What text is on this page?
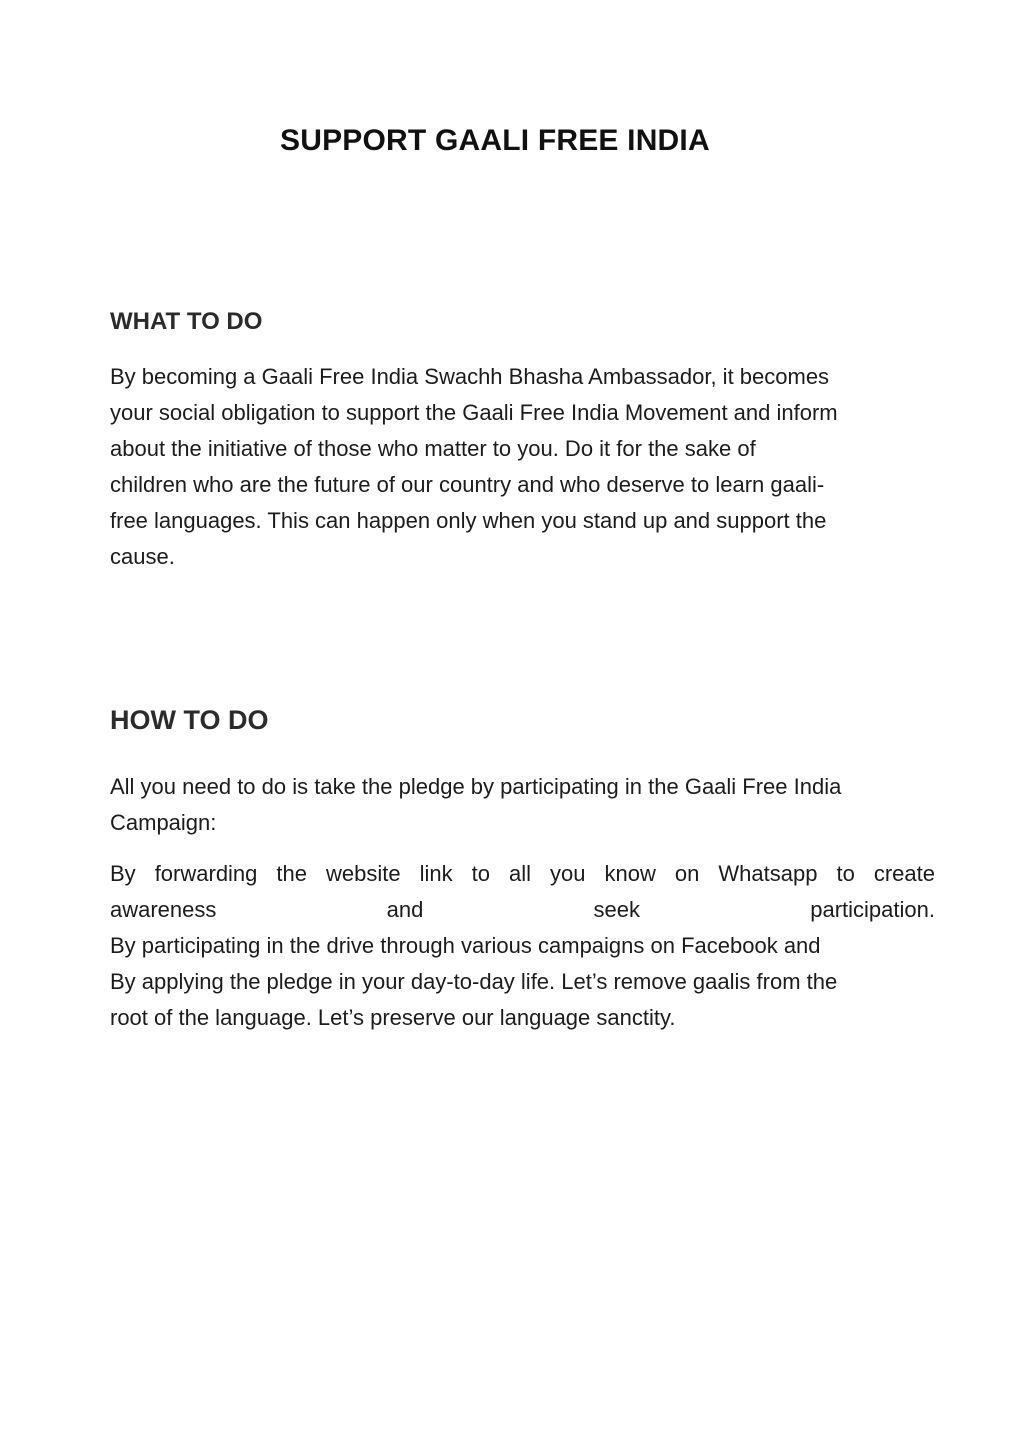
SUPPORT GAALI FREE INDIA
WHAT TO DO

By becoming a Gaali Free India Swachh Bhasha Ambassador, it becomes
your social obligation to support the Gaali Free India Movement and inform
about the initiative of those who matter to you. Do it for the sake of
children who are the future of our country and who deserve to learn gaali-
free languages. This can happen only when you stand up and support the
cause.

HOW TO DO

All you need to do is take the pledge by participating in the Gaali Free India
Campaign:

By forwarding the website link to all you know on Whatsapp to create
awareness and seek participation.
By participating in the drive through various campaigns on Facebook and
By applying the pledge in your day-to-day life. Let’s remove gaalis from the
root of the language. Let’s preserve our language sanctity.
